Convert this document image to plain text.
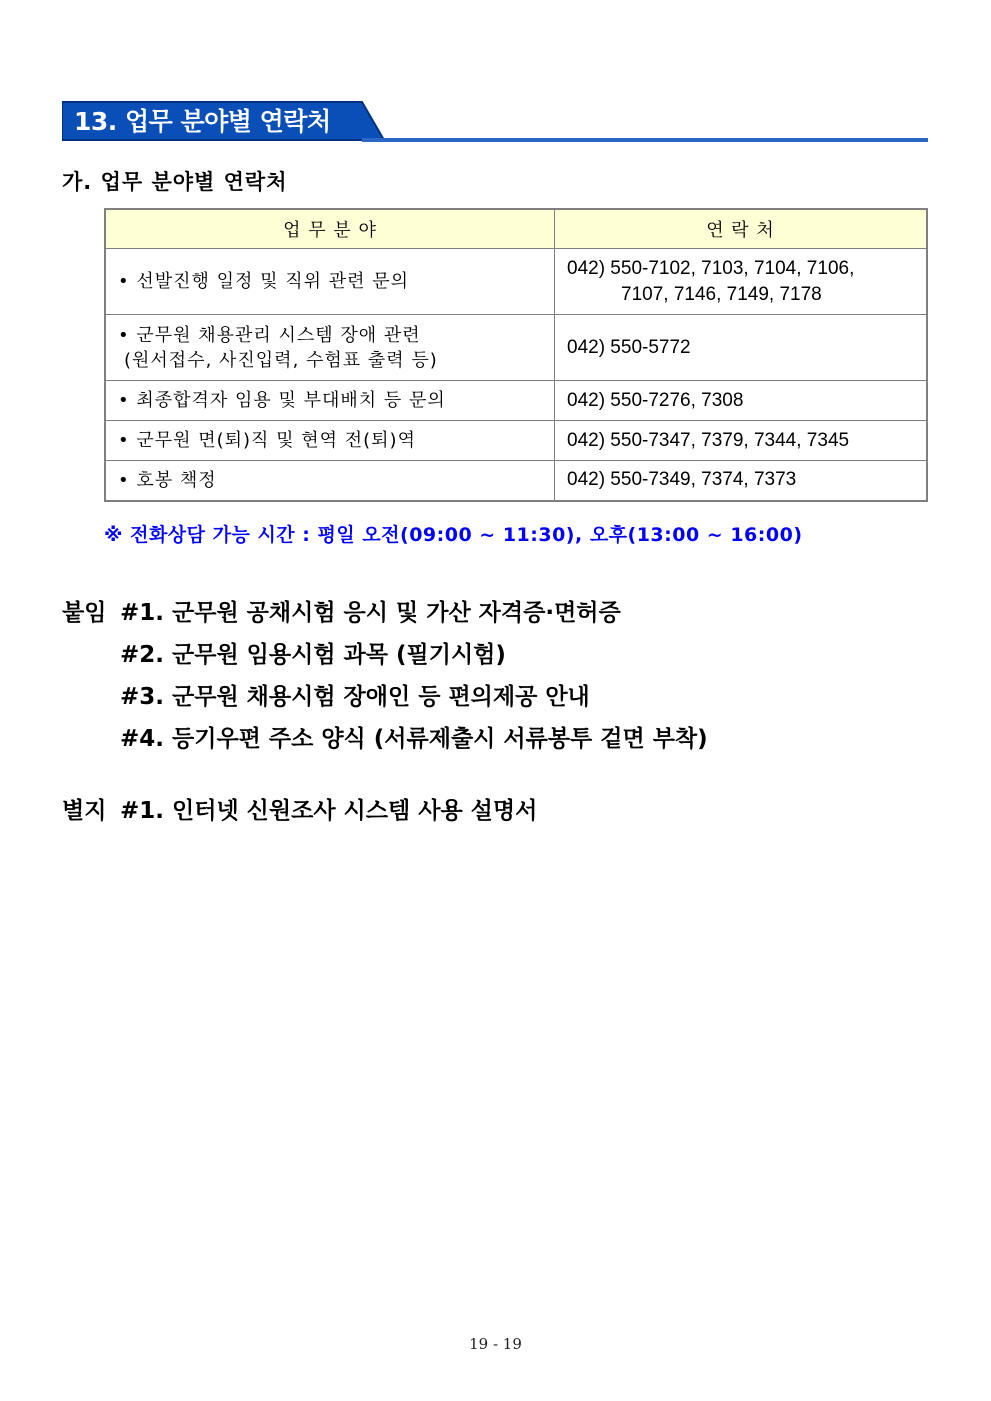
13. 업무 분야별 연락처
가. 업무 분야별 연락처
업 무 분 야	연 락 처

• 선발진행 일정 및 직위 관련 문의	042) 550-7102, 7103, 7104, 7106,
7107, 7146, 7149, 7178

• 군무원 채용관리 시스템 장애 관련
(원서접수, 사진입력, 수험표 출력 등)	042) 550-5772

• 최종합격자 임용 및 부대배치 등 문의	042) 550-7276, 7308

• 군무원 면(퇴)직 및 현역 전(퇴)역	042) 550-7347, 7379, 7344, 7345

• 호봉 책정	042) 550-7349, 7374, 7373
※ 전화상담 가능 시간 : 평일 오전(09:00 ~ 11:30), 오후(13:00 ~ 16:00)
붙임 #1. 군무원 공채시험 응시 및 가산 자격증·면허증
#2. 군무원 임용시험 과목 (필기시험)
#3. 군무원 채용시험 장애인 등 편의제공 안내
#4. 등기우편 주소 양식 (서류제출시 서류봉투 겉면 부착)
별지 #1. 인터넷 신원조사 시스템 사용 설명서
19 - 19
